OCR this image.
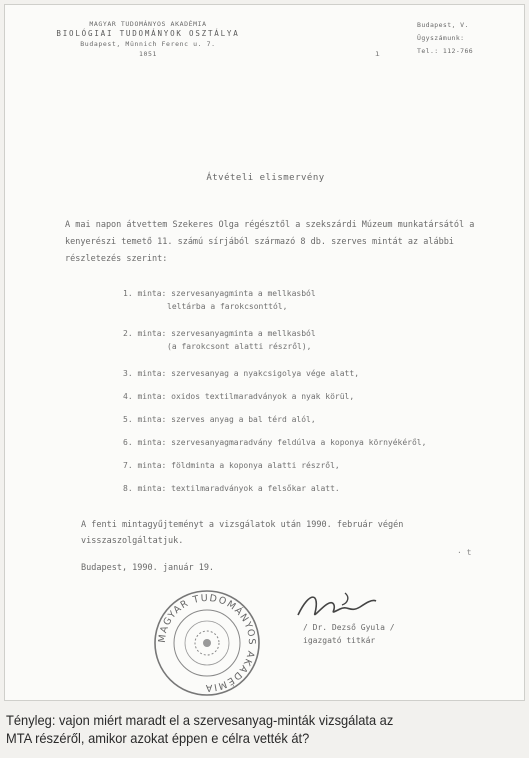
MAGYAR TUDOMÁNYOS AKADÉMIA
BIOLÓGIAI TUDOMÁNYOK OSZTÁLYA
Budapest, Münnich Ferenc u. 7.
1051
Budapest, V.
Ügyszámunk:
Tel.: 112-766
ı
Átvételi elismervény
A mai napon átvettem Szekeres Olga régésztől a szekszárdi Múzeum munkatársától a kenyerészi temető 11. számú sírjából származó 8 db. szerves mintát az alábbi részletezés szerint:
1. minta: szervesanyagminta a mellkasból
leltárba a farokcsonttól,
2. minta: szervesanyagminta a mellkasból
(a farokcsont alatti részről),
3. minta: szervesanyag a nyakcsigolya vége alatt,
4. minta: oxidos textilmaradványok a nyak körül,
5. minta: szerves anyag a bal térd alól,
6. minta: szervesanyagmaradvány feldúlva a koponya környékéről,
7. minta: földminta a koponya alatti részről,
8. minta: textilmaradványok a felsőkar alatt.
A fenti mintagyűjteményt a vizsgálatok után 1990. február végén visszaszolgáltatjuk.
Budapest, 1990. január 19.
· t
MAGYAR TUDOMÁNYOS AKADÉMIA
/ Dr. Dezső Gyula /
igazgató titkár
Tényleg: vajon miért maradt el a szervesanyag-minták vizsgálata az
MTA részéről, amikor azokat éppen e célra vették át?
